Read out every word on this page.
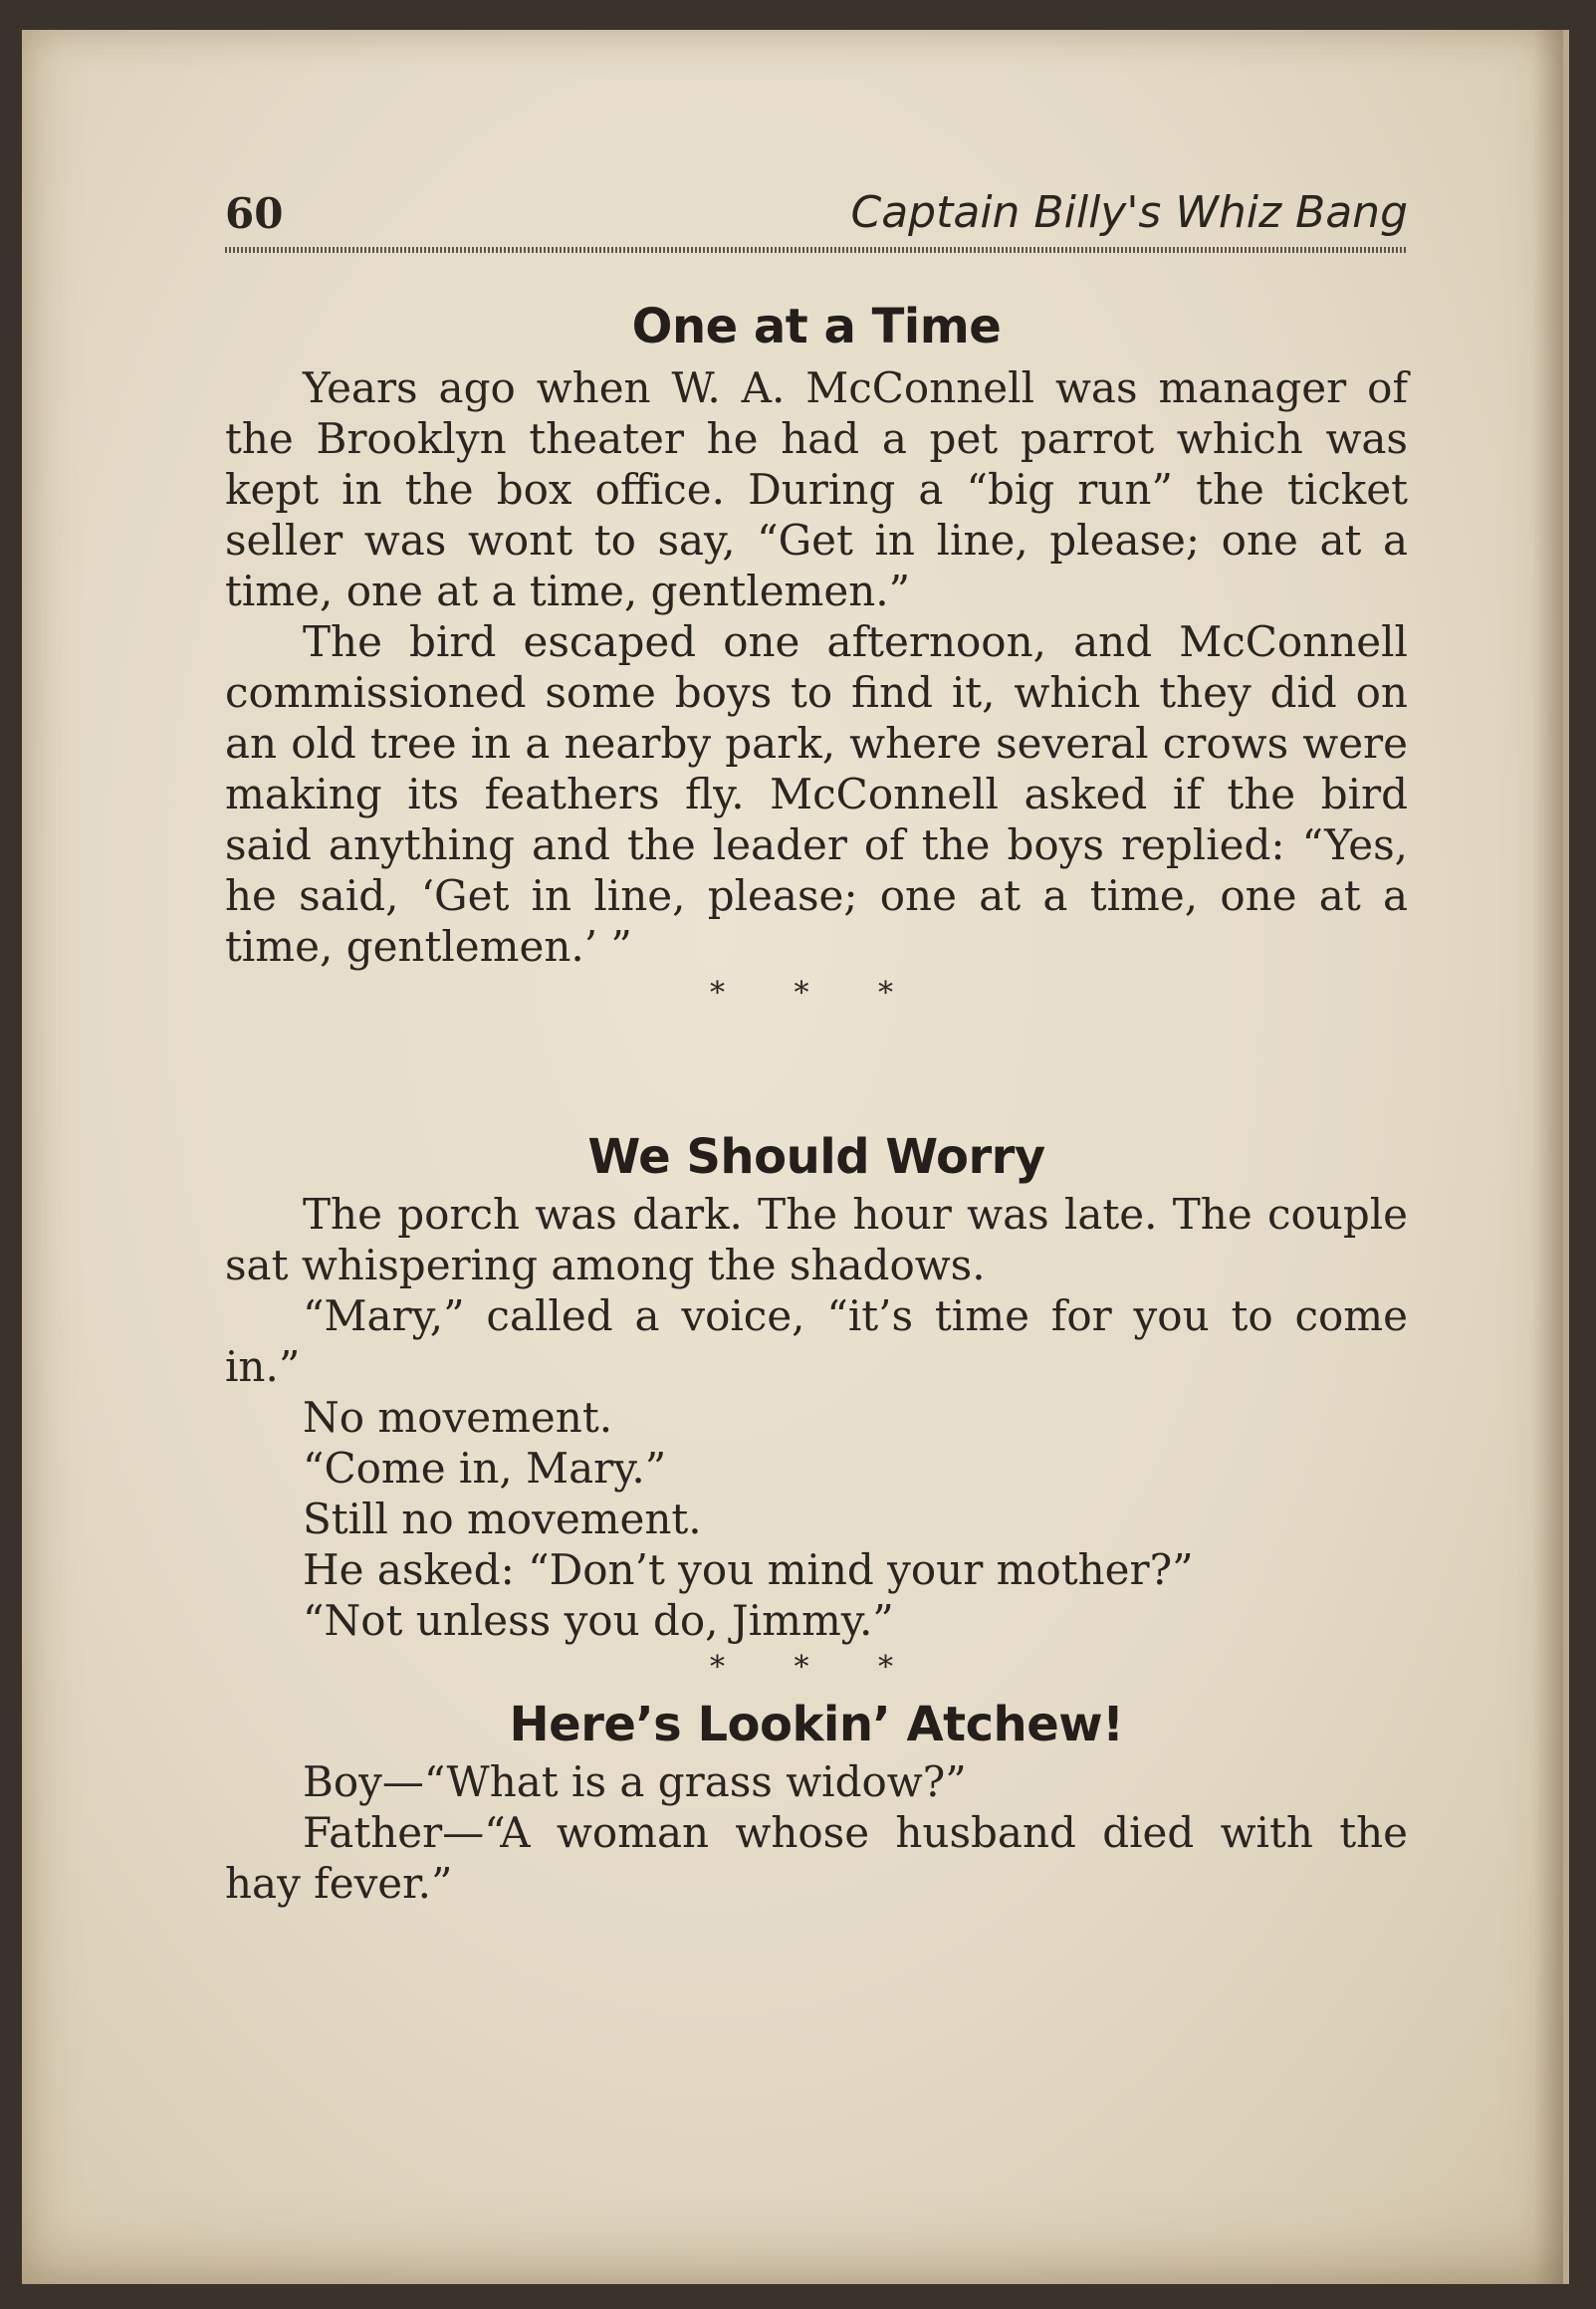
60	Captain Billy's Whiz Bang
One at a Time

Years ago when W. A. McConnell was manager of the Brooklyn theater he had a pet parrot which was kept in the box office. During a “big run” the ticket seller was wont to say, “Get in line, please; one at a time, one at a time, gentlemen.”

The bird escaped one afternoon, and McConnell commissioned some boys to find it, which they did on an old tree in a nearby park, where several crows were making its feathers fly. McConnell asked if the bird said anything and the leader of the boys replied: “Yes, he said, ‘Get in line, please; one at a time, one at a time, gentlemen.’ ”

* * *

We Should Worry

The porch was dark. The hour was late. The couple sat whispering among the shadows.

“Mary,” called a voice, “it’s time for you to come in.”

No movement.

“Come in, Mary.”

Still no movement.

He asked: “Don’t you mind your mother?”

“Not unless you do, Jimmy.”

* * *

Here’s Lookin’ Atchew!

Boy—“What is a grass widow?”

Father—“A woman whose husband died with the hay fever.”
